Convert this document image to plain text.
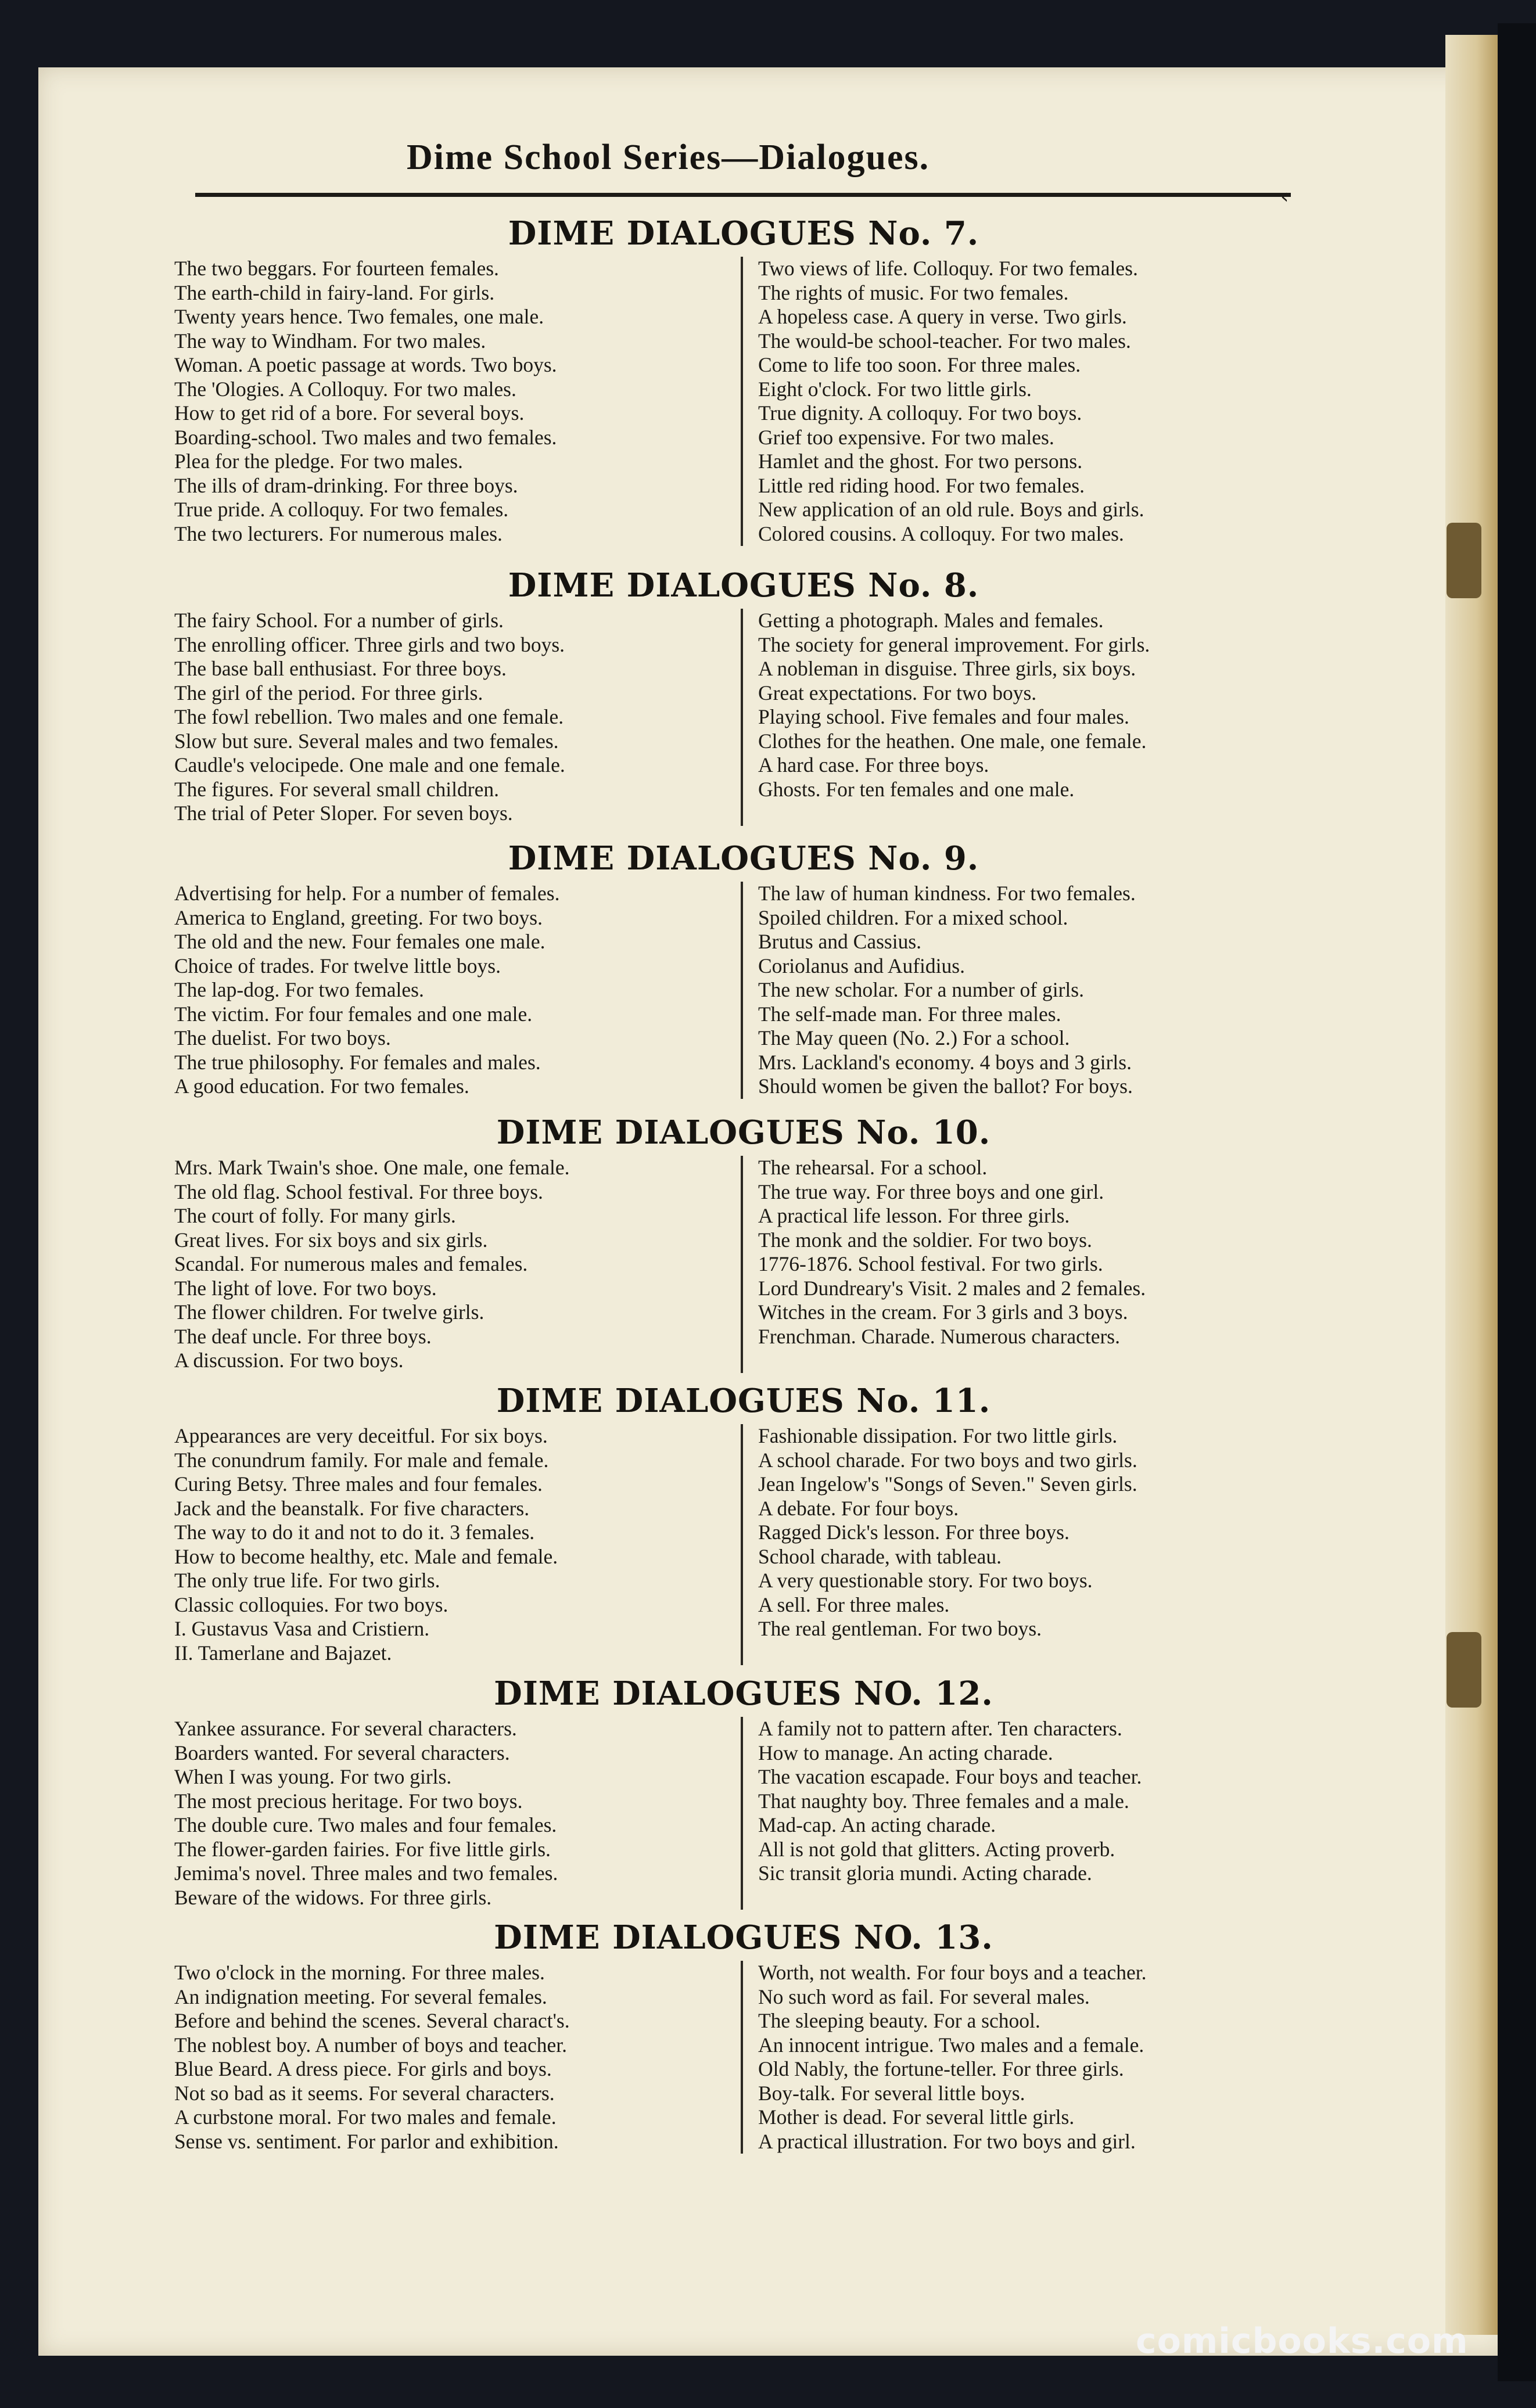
Dime School Series—Dialogues.
‹
DIME DIALOGUES No. 7.
The two beggars. For fourteen females.
The earth-child in fairy-land. For girls.
Twenty years hence. Two females, one male.
The way to Windham. For two males.
Woman. A poetic passage at words. Two boys.
The 'Ologies. A Colloquy. For two males.
How to get rid of a bore. For several boys.
Boarding-school. Two males and two females.
Plea for the pledge. For two males.
The ills of dram-drinking. For three boys.
True pride. A colloquy. For two females.
The two lecturers. For numerous males.
Two views of life. Colloquy. For two females.
The rights of music. For two females.
A hopeless case. A query in verse. Two girls.
The would-be school-teacher. For two males.
Come to life too soon. For three males.
Eight o'clock. For two little girls.
True dignity. A colloquy. For two boys.
Grief too expensive. For two males.
Hamlet and the ghost. For two persons.
Little red riding hood. For two females.
New application of an old rule. Boys and girls.
Colored cousins. A colloquy. For two males.
DIME DIALOGUES No. 8.
The fairy School. For a number of girls.
The enrolling officer. Three girls and two boys.
The base ball enthusiast. For three boys.
The girl of the period. For three girls.
The fowl rebellion. Two males and one female.
Slow but sure. Several males and two females.
Caudle's velocipede. One male and one female.
The figures. For several small children.
The trial of Peter Sloper. For seven boys.
Getting a photograph. Males and females.
The society for general improvement. For girls.
A nobleman in disguise. Three girls, six boys.
Great expectations. For two boys.
Playing school. Five females and four males.
Clothes for the heathen. One male, one female.
A hard case. For three boys.
Ghosts. For ten females and one male.
DIME DIALOGUES No. 9.
Advertising for help. For a number of females.
America to England, greeting. For two boys.
The old and the new. Four females one male.
Choice of trades. For twelve little boys.
The lap-dog. For two females.
The victim. For four females and one male.
The duelist. For two boys.
The true philosophy. For females and males.
A good education. For two females.
The law of human kindness. For two females.
Spoiled children. For a mixed school.
Brutus and Cassius.
Coriolanus and Aufidius.
The new scholar. For a number of girls.
The self-made man. For three males.
The May queen (No. 2.) For a school.
Mrs. Lackland's economy. 4 boys and 3 girls.
Should women be given the ballot? For boys.
DIME DIALOGUES No. 10.
Mrs. Mark Twain's shoe. One male, one female.
The old flag. School festival. For three boys.
The court of folly. For many girls.
Great lives. For six boys and six girls.
Scandal. For numerous males and females.
The light of love. For two boys.
The flower children. For twelve girls.
The deaf uncle. For three boys.
A discussion. For two boys.
The rehearsal. For a school.
The true way. For three boys and one girl.
A practical life lesson. For three girls.
The monk and the soldier. For two boys.
1776-1876. School festival. For two girls.
Lord Dundreary's Visit. 2 males and 2 females.
Witches in the cream. For 3 girls and 3 boys.
Frenchman. Charade. Numerous characters.
DIME DIALOGUES No. 11.
Appearances are very deceitful. For six boys.
The conundrum family. For male and female.
Curing Betsy. Three males and four females.
Jack and the beanstalk. For five characters.
The way to do it and not to do it. 3 females.
How to become healthy, etc. Male and female.
The only true life. For two girls.
Classic colloquies. For two boys.
I. Gustavus Vasa and Cristiern.
II. Tamerlane and Bajazet.
Fashionable dissipation. For two little girls.
A school charade. For two boys and two girls.
Jean Ingelow's "Songs of Seven." Seven girls.
A debate. For four boys.
Ragged Dick's lesson. For three boys.
School charade, with tableau.
A very questionable story. For two boys.
A sell. For three males.
The real gentleman. For two boys.
DIME DIALOGUES NO. 12.
Yankee assurance. For several characters.
Boarders wanted. For several characters.
When I was young. For two girls.
The most precious heritage. For two boys.
The double cure. Two males and four females.
The flower-garden fairies. For five little girls.
Jemima's novel. Three males and two females.
Beware of the widows. For three girls.
A family not to pattern after. Ten characters.
How to manage. An acting charade.
The vacation escapade. Four boys and teacher.
That naughty boy. Three females and a male.
Mad-cap. An acting charade.
All is not gold that glitters. Acting proverb.
Sic transit gloria mundi. Acting charade.
DIME DIALOGUES NO. 13.
Two o'clock in the morning. For three males.
An indignation meeting. For several females.
Before and behind the scenes. Several charact's.
The noblest boy. A number of boys and teacher.
Blue Beard. A dress piece. For girls and boys.
Not so bad as it seems. For several characters.
A curbstone moral. For two males and female.
Sense vs. sentiment. For parlor and exhibition.
Worth, not wealth. For four boys and a teacher.
No such word as fail. For several males.
The sleeping beauty. For a school.
An innocent intrigue. Two males and a female.
Old Nably, the fortune-teller. For three girls.
Boy-talk. For several little boys.
Mother is dead. For several little girls.
A practical illustration. For two boys and girl.
comicbooks.com
